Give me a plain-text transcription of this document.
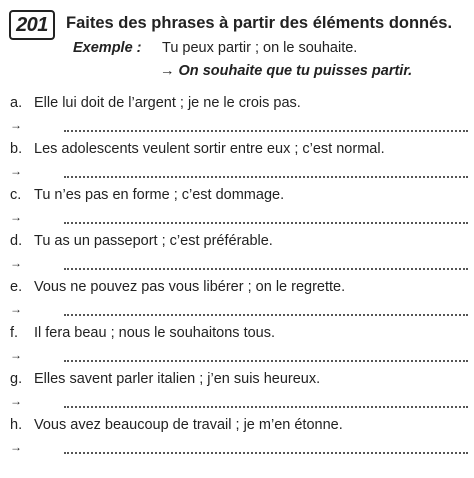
201	Faites des phrases à partir des éléments donnés.
Exemple : Tu peux partir ; on le souhaite.
→ On souhaite que tu puisses partir.
a. Elle lui doit de l’argent ; je ne le crois pas.
→
b. Les adolescents veulent sortir entre eux ; c’est normal.
→
c. Tu n’es pas en forme ; c’est dommage.
→
d. Tu as un passeport ; c’est préférable.
→
e. Vous ne pouvez pas vous libérer ; on le regrette.
→
f. Il fera beau ; nous le souhaitons tous.
→
g. Elles savent parler italien ; j’en suis heureux.
→
h. Vous avez beaucoup de travail ; je m’en étonne.
→
